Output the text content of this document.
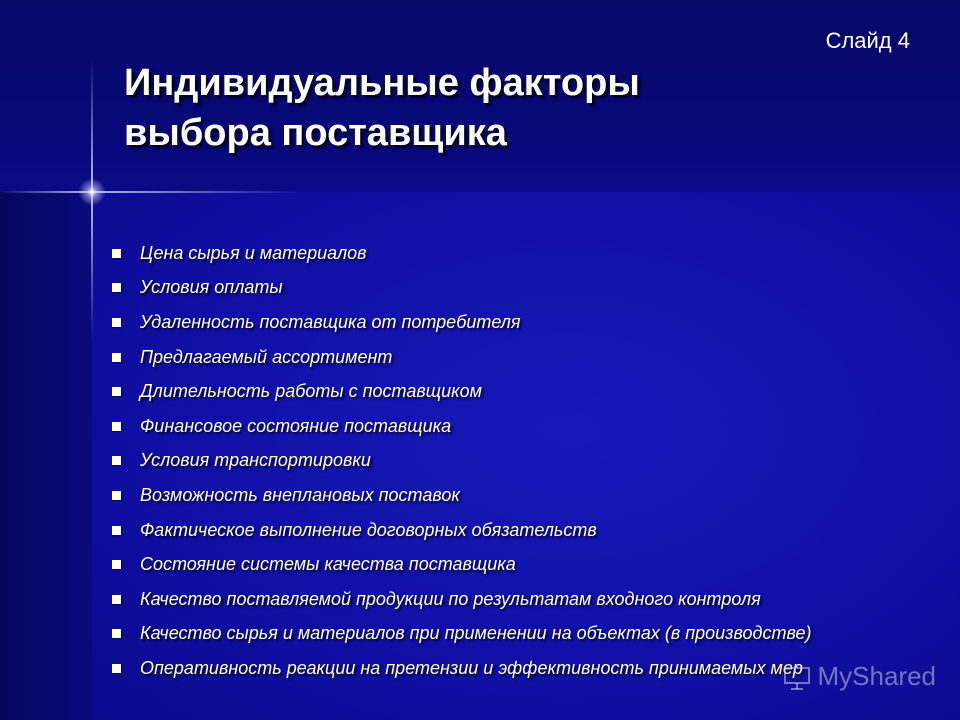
Слайд 4
Индивидуальные факторы
выбора поставщика
Цена сырья и материалов
Условия оплаты
Удаленность поставщика от потребителя
Предлагаемый ассортимент
Длительность работы с поставщиком
Финансовое состояние поставщика
Условия транспортировки
Возможность внеплановых поставок
Фактическое выполнение договорных обязательств
Состояние системы качества поставщика
Качество поставляемой продукции по результатам входного контроля
Качество сырья и материалов при применении на объектах (в производстве)
Оперативность реакции на претензии и эффективность принимаемых мер MyShared
